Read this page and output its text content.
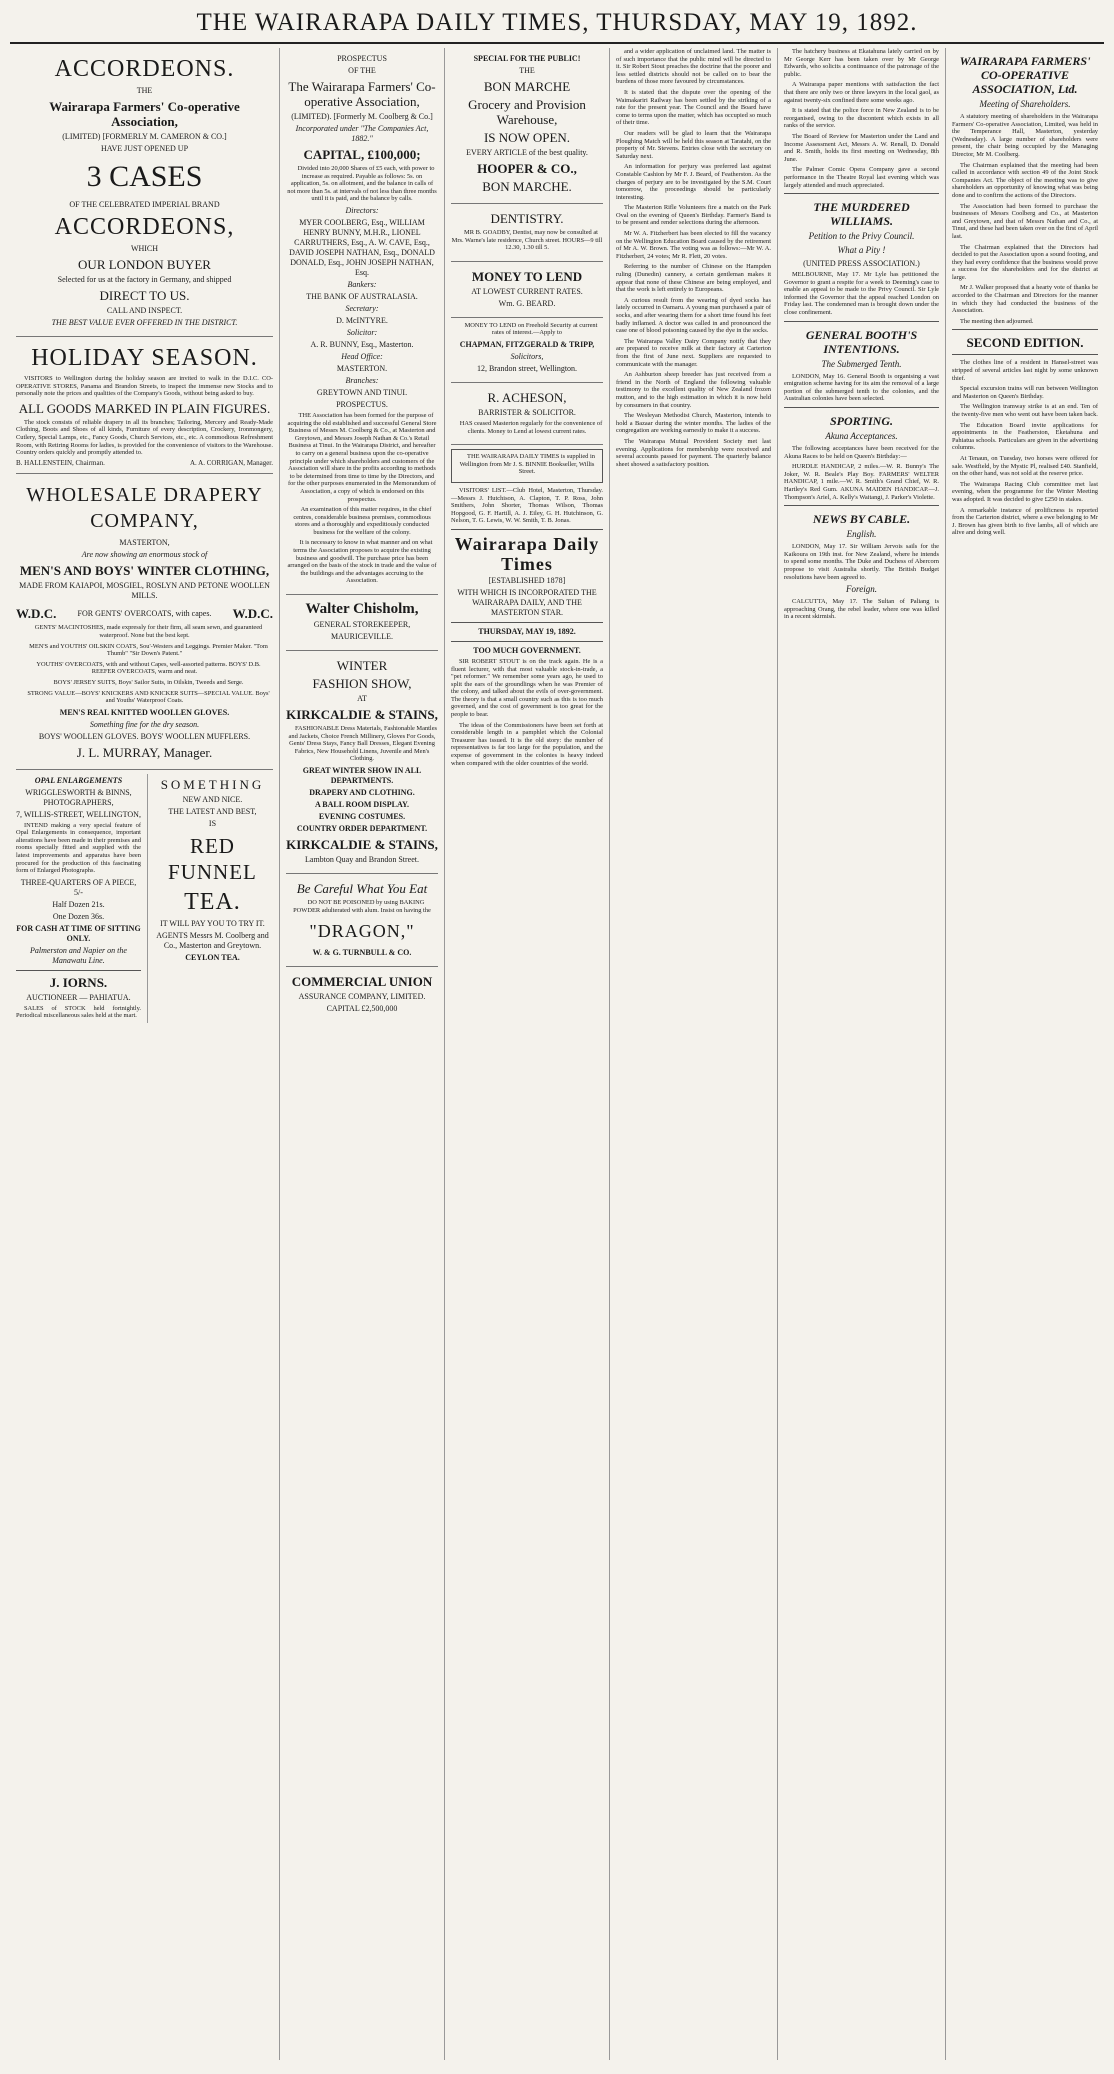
THE WAIRARAPA DAILY TIMES, THURSDAY, MAY 19, 1892.
ACCORDEONS.
THE
Wairarapa Farmers' Co-operative Association,
(LIMITED) [FORMERLY M. CAMERON & CO.]
HAVE JUST OPENED UP
3 CASES
OF THE CELEBRATED IMPERIAL BRAND
ACCORDEONS,
WHICH
OUR LONDON BUYER
Selected for us at the factory in Germany, and shipped
DIRECT TO US.
CALL AND INSPECT.
THE BEST VALUE EVER OFFERED IN THE DISTRICT.
HOLIDAY SEASON.

VISITORS to Wellington during the holiday season are invited to walk in the D.I.C. CO-OPERATIVE STORES, Panama and Brandon Streets, to inspect the immense new Stocks and to personally note the prices and qualities of the Company's Goods, without being asked to buy.

ALL GOODS MARKED IN PLAIN FIGURES.

The stock consists of reliable drapery in all its branches; Tailoring, Mercery and Ready-Made Clothing, Boots and Shoes of all kinds, Furniture of every description, Crockery, Ironmongery, Cutlery, Special Lamps, etc., Fancy Goods, Church Services, etc., etc. A commodious Refreshment Room, with Retiring Rooms for ladies, is provided for the convenience of visitors to the Warehouse. Country orders quickly and promptly attended to.

B. HALLENSTEIN, Chairman.	A. A. CORRIGAN, Manager.
WHOLESALE DRAPERY COMPANY,
MASTERTON,
Are now showing an enormous stock of
MEN'S AND BOYS' WINTER CLOTHING,
MADE FROM KAIAPOI, MOSGIEL, ROSLYN AND PETONE WOOLLEN MILLS.
W.D.C.	FOR GENTS' OVERCOATS, with capes. W.D.C.

GENTS' MACINTOSHES, made expressly for their firm, all seam sewn, and guaranteed waterproof. None but the best kept.

MEN'S and YOUTHS' OILSKIN COATS, Sou'-Westers and Leggings. Premier Maker. "Tom Thumb" "Sir Down's Patent."

YOUTHS' OVERCOATS, with and without Capes, well-assorted patterns. BOYS' D.B. REEFER OVERCOATS, warm and neat.

BOYS' JERSEY SUITS, Boys' Sailor Suits, in Oilskin, Tweeds and Serge.

STRONG VALUE—BOYS' KNICKERS AND KNICKER SUITS—SPECIAL VALUE. Boys' and Youths' Waterproof Coats.

MEN'S REAL KNITTED WOOLLEN GLOVES.
Something fine for the dry season.
BOYS' WOOLLEN GLOVES. BOYS' WOOLLEN MUFFLERS.
J. L. MURRAY, Manager.
OPAL ENLARGEMENTS
WRIGGLESWORTH & BINNS, PHOTOGRAPHERS,
7, WILLIS-STREET, WELLINGTON,

INTEND making a very special feature of Opal Enlargements in consequence, important alterations have been made in their premises and rooms specially fitted and supplied with the latest improvements and apparatus have been procured for the production of this fascinating form of Enlarged Photographs.

THREE-QUARTERS OF A PIECE, 5/-
Half Dozen 21s.
One Dozen 36s.
FOR CASH AT TIME OF SITTING ONLY.
Palmerston and Napier on the Manawatu Line.
J. IORNS.
AUCTIONEER — PAHIATUA.

SALES of STOCK held fortnightly. Periodical miscellaneous sales held at the mart.

SOMETHING
NEW AND NICE.
THE LATEST AND BEST,
IS
RED FUNNEL
TEA.
IT WILL PAY YOU TO TRY IT.
AGENTS Messrs M. Coolberg and Co., Masterton and Greytown.
CEYLON TEA.
PROSPECTUS
OF THE
The Wairarapa Farmers' Co-operative Association,
(LIMITED). [Formerly M. Coolberg & Co.]
Incorporated under "The Companies Act, 1882."
CAPITAL, £100,000;

Divided into 20,000 Shares of £5 each, with power to increase as required. Payable as follows: 5s. on application, 5s. on allotment, and the balance in calls of not more than 5s. at intervals of not less than three months until it is paid, and the balance by calls.

Directors:
MYER COOLBERG, Esq., WILLIAM HENRY BUNNY, M.H.R., LIONEL CARRUTHERS, Esq., A. W. CAVE, Esq., DAVID JOSEPH NATHAN, Esq., DONALD DONALD, Esq., JOHN JOSEPH NATHAN, Esq.
Bankers:
THE BANK OF AUSTRALASIA.
Secretary:
D. McINTYRE.
Solicitor:
A. R. BUNNY, Esq., Masterton.
Head Office:
MASTERTON.
Branches:
GREYTOWN AND TINUI.
PROSPECTUS.

THE Association has been formed for the purpose of acquiring the old established and successful General Store Business of Messrs M. Coolberg & Co., at Masterton and Greytown, and Messrs Joseph Nathan & Co.'s Retail Business at Tinui. In the Wairarapa District, and hereafter to carry on a general business upon the co-operative principle under which shareholders and customers of the Association will share in the profits according to methods to be determined from time to time by the Directors, and for the other purposes enumerated in the Memorandum of Association, a copy of which is endorsed on this prospectus.

An examination of this matter requires, in the chief centres, considerable business premises, commodious stores and a thoroughly and expeditiously conducted business for the welfare of the colony.

It is necessary to know in what manner and on what terms the Association proposes to acquire the existing business and goodwill. The purchase price has been arranged on the basis of the stock in trade and the value of the buildings and the advantages accruing to the Association.

Walter Chisholm,
GENERAL STOREKEEPER,
MAURICEVILLE.
WINTER
FASHION SHOW,
AT
KIRKCALDIE & STAINS,

FASHIONABLE Dress Materials, Fashionable Mantles and Jackets, Choice French Millinery, Gloves For Goods, Gents' Dress Stays, Fancy Ball Dresses, Elegant Evening Fabrics, New Household Linens, Juvenile and Men's Clothing.

GREAT WINTER SHOW IN ALL DEPARTMENTS.
DRAPERY AND CLOTHING.
A BALL ROOM DISPLAY.
EVENING COSTUMES.
COUNTRY ORDER DEPARTMENT.
KIRKCALDIE & STAINS,
Lambton Quay and Brandon Street.
Be Careful What You Eat

DO NOT BE POISONED by using BAKING POWDER adulterated with alum. Insist on having the

"DRAGON,"
W. & G. TURNBULL & CO.
COMMERCIAL UNION
ASSURANCE COMPANY, LIMITED.
CAPITAL £2,500,000
SPECIAL FOR THE PUBLIC!
THE
BON MARCHE
Grocery and Provision Warehouse,
IS NOW OPEN.
EVERY ARTICLE of the best quality.
HOOPER & CO.,
BON MARCHE.
DENTISTRY.

MR B. GOADBY, Dentist, may now be consulted at Mrs. Warne's late residence, Church street. HOURS—9 till 12.30, 1.30 till 5.

MONEY TO LEND
AT LOWEST CURRENT RATES.
Wm. G. BEARD.

MONEY TO LEND on Freehold Security at current rates of interest.—Apply to

CHAPMAN, FITZGERALD & TRIPP,
Solicitors,
12, Brandon street, Wellington.
R. ACHESON,
BARRISTER & SOLICITOR.

HAS ceased Masterton regularly for the convenience of clients. Money to Lend at lowest current rates.

THE WAIRARAPA DAILY TIMES is supplied in Wellington from Mr J. S. BINNIE Bookseller, Willis Street.

VISITORS' LIST.—Club Hotel, Masterton, Thursday.—Messrs J. Hutchison, A. Clapton, T. P. Ross, John Smithers, John Shorter, Thomas Wilson, Thomas Hopgood, G. F. Hartill, A. J. Eiley, G. H. Hutchinson, G. Nelson, T. G. Lewis, W. W. Smith, T. B. Jonas.

Wairarapa Daily Times
[ESTABLISHED 1878]
WITH WHICH IS INCORPORATED THE WAIRARAPA DAILY, AND THE MASTERTON STAR.
THURSDAY, MAY 19, 1892.
TOO MUCH GOVERNMENT.

SIR ROBERT STOUT is on the track again. He is a fluent lecturer, with that most valuable stock-in-trade, a "pet reformer." We remember some years ago, he used to split the ears of the groundlings when he was Premier of the colony, and talked about the evils of over-government. The theory is that a small country such as this is too much governed, and the cost of government is too great for the people to bear.

The ideas of the Commissioners have been set forth at considerable length in a pamphlet which the Colonial Treasurer has issued. It is the old story: the number of representatives is far too large for the population, and the expense of government in the colonies is heavy indeed when compared with the older countries of the world.

and a wider application of unclaimed land. The matter is of such importance that the public mind will be directed to it. Sir Robert Stout preaches the doctrine that the poorer and less settled districts should not be called on to bear the burdens of those more favoured by circumstances.

It is stated that the dispute over the opening of the Waimakariri Railway has been settled by the striking of a rate for the present year. The Council and the Board have come to terms upon the matter, which has occupied so much of their time.

Our readers will be glad to learn that the Wairarapa Ploughing Match will be held this season at Taratahi, on the property of Mr. Stevens. Entries close with the secretary on Saturday next.

An information for perjury was preferred last against Constable Cashion by Mr F. J. Beard, of Featherston. As the charges of perjury are to be investigated by the S.M. Court tomorrow, the proceedings should be particularly interesting.

The Masterton Rifle Volunteers fire a match on the Park Oval on the evening of Queen's Birthday. Farmer's Band is to be present and render selections during the afternoon.

Mr W. A. Fitzherbert has been elected to fill the vacancy on the Wellington Education Board caused by the retirement of Mr A. W. Brown. The voting was as follows:—Mr W. A. Fitzherbert, 24 votes; Mr R. Flett, 20 votes.

Referring to the number of Chinese on the Hampden ruling (Dunedin) cannery, a certain gentleman makes it appear that none of these Chinese are being employed, and that the work is left entirely to Europeans.

A curious result from the wearing of dyed socks has lately occurred in Oamaru. A young man purchased a pair of socks, and after wearing them for a short time found his feet badly inflamed. A doctor was called in and pronounced the case one of blood poisoning caused by the dye in the socks.

The Wairarapa Valley Dairy Company notify that they are prepared to receive milk at their factory at Carterton from the first of June next. Suppliers are requested to communicate with the manager.

An Ashburton sheep breeder has just received from a friend in the North of England the following valuable testimony to the excellent quality of New Zealand frozen mutton, and to the high estimation in which it is now held by consumers in that country.

The Wesleyan Methodist Church, Masterton, intends to hold a Bazaar during the winter months. The ladies of the congregation are working earnestly to make it a success.

The Wairarapa Mutual Provident Society met last evening. Applications for membership were received and several accounts passed for payment. The quarterly balance sheet showed a satisfactory position.

The hatchery business at Ekatahuna lately carried on by Mr George Kerr has been taken over by Mr George Edwards, who solicits a continuance of the patronage of the public.

A Wairarapa paper mentions with satisfaction the fact that there are only two or three lawyers in the local gaol, as against twenty-six confined there some weeks ago.

It is stated that the police force in New Zealand is to be reorganised, owing to the discontent which exists in all ranks of the service.

The Board of Review for Masterton under the Land and Income Assessment Act, Messrs A. W. Renall, D. Donald and R. Smith, holds its first meeting on Wednesday, 8th June.

The Palmer Comic Opera Company gave a second performance in the Theatre Royal last evening which was largely attended and much appreciated.

THE MURDERED WILLIAMS.
Petition to the Privy Council.
What a Pity !
(UNITED PRESS ASSOCIATION.)

MELBOURNE, May 17. Mr Lyle has petitioned the Governor to grant a respite for a week to Deeming's case to enable an appeal to be made to the Privy Council. Sir Lyle informed the Governor that the appeal reached London on Friday last. The condemned man is brought down under the close confinement.

GENERAL BOOTH'S INTENTIONS.
The Submerged Tenth.

LONDON, May 16. General Booth is organising a vast emigration scheme having for its aim the removal of a large portion of the submerged tenth to the colonies, and the Australian colonies have been selected.

SPORTING.
Akuna Acceptances.

The following acceptances have been received for the Akuna Races to be held on Queen's Birthday:—

HURDLE HANDICAP, 2 miles.—W. R. Bunny's The Joker, W. R. Beale's Play Boy. FARMERS' WELTER HANDICAP, 1 mile.—W. R. Smith's Grand Chief, W. R. Hartley's Red Gum. AKUNA MAIDEN HANDICAP.—J. Thompson's Ariel, A. Kelly's Waitangi, J. Parker's Violette.

NEWS BY CABLE.
English.

LONDON, May 17. Sir William Jervois sails for the Kaikoura on 19th inst. for New Zealand, where he intends to spend some months. The Duke and Duchess of Abercorn propose to visit Australia shortly. The British Budget resolutions have been agreed to.

Foreign.

CALCUTTA, May 17. The Sultan of Paliang is approaching Orang, the rebel leader, where one was killed in a recent skirmish.

WAIRARAPA FARMERS' CO-OPERATIVE ASSOCIATION, Ltd.
Meeting of Shareholders.

A statutory meeting of shareholders in the Wairarapa Farmers' Co-operative Association, Limited, was held in the Temperance Hall, Masterton, yesterday (Wednesday). A large number of shareholders were present, the chair being occupied by the Managing Director, Mr M. Coolberg.

The Chairman explained that the meeting had been called in accordance with section 49 of the Joint Stock Companies Act. The object of the meeting was to give shareholders an opportunity of knowing what was being done and to confirm the actions of the Directors.

The Association had been formed to purchase the businesses of Messrs Coolberg and Co., at Masterton and Greytown, and that of Messrs Nathan and Co., at Tinui, and these had been taken over on the first of April last.

The Chairman explained that the Directors had decided to put the Association upon a sound footing, and they had every confidence that the business would prove a success for the shareholders and for the district at large.

Mr J. Walker proposed that a hearty vote of thanks be accorded to the Chairman and Directors for the manner in which they had conducted the business of the Association.

The meeting then adjourned.

SECOND EDITION.

The clothes line of a resident in Hansel-street was stripped of several articles last night by some unknown thief.

Special excursion trains will run between Wellington and Masterton on Queen's Birthday.

The Wellington tramway strike is at an end. Ten of the twenty-five men who went out have been taken back.

The Education Board invite applications for appointments in the Featherston, Eketahuna and Pahiatua schools. Particulars are given in the advertising columns.

At Tenaun, on Tuesday, two horses were offered for sale. Westfield, by the Mystic Pl, realised £40. Stanfield, on the other hand, was not sold at the reserve price.

The Wairarapa Racing Club committee met last evening, when the programme for the Winter Meeting was adopted. It was decided to give £250 in stakes.

A remarkable instance of prolificness is reported from the Carterton district, where a ewe belonging to Mr J. Brown has given birth to five lambs, all of which are alive and doing well.
